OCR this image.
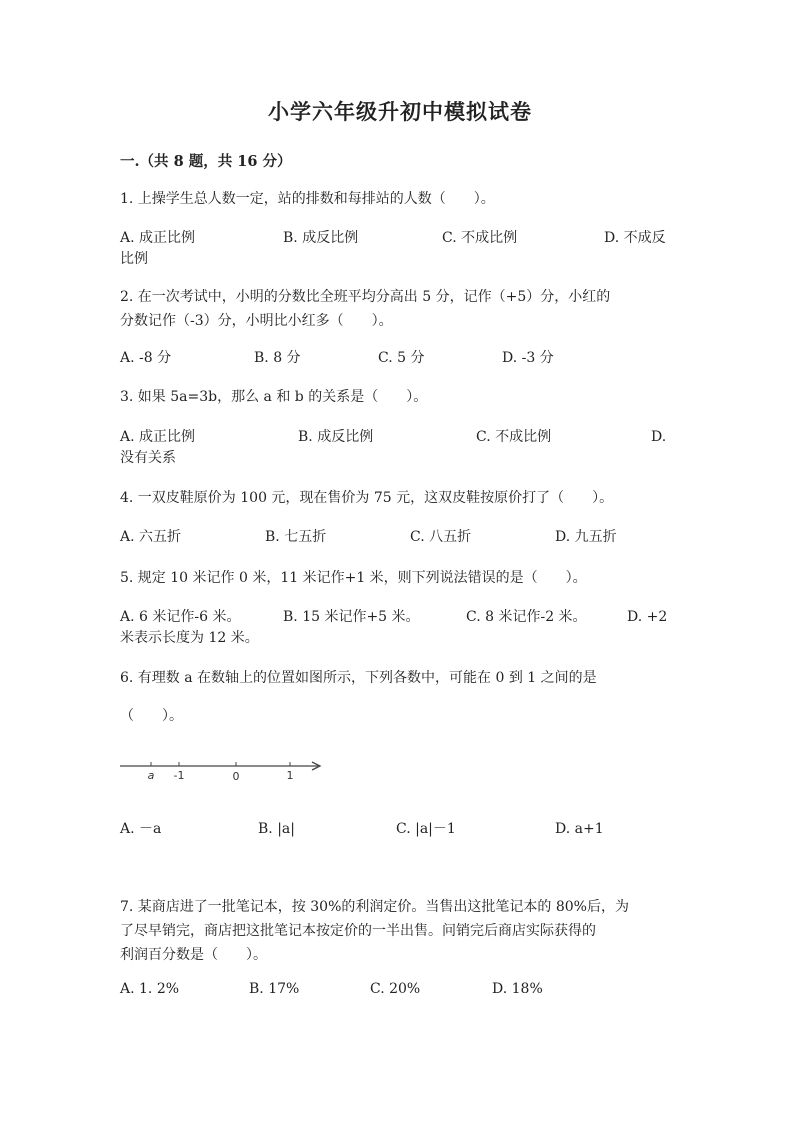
小学六年级升初中模拟试卷
一.（共 8 题，共 16 分）
1. 上操学生总人数一定，站的排数和每排站的人数（　　）。
A. 成正比例	B. 成反比例	C. 不成比例	D. 不成反
比例
2. 在一次考试中，小明的分数比全班平均分高出 5 分，记作（+5）分，小红的
分数记作（-3）分，小明比小红多（　　）。
A. -8 分	B. 8 分	C. 5 分	D. -3 分
3. 如果 5a=3b，那么 a 和 b 的关系是（　　）。
A. 成正比例	B. 成反比例	C. 不成比例	D.
没有关系
4. 一双皮鞋原价为 100 元，现在售价为 75 元，这双皮鞋按原价打了（　　）。
A. 六五折	B. 七五折	C. 八五折	D. 九五折
5. 规定 10 米记作 0 米，11 米记作+1 米，则下列说法错误的是（　　）。
A. 6 米记作-6 米。	B. 15 米记作+5 米。	C. 8 米记作-2 米。	D. +2
米表示长度为 12 米。
6. 有理数 a 在数轴上的位置如图所示，下列各数中，可能在 0 到 1 之间的是
（　　）。
a -1	0	1
A. －a	B. |a|	C. |a|－1	D. a+1
7. 某商店进了一批笔记本，按 30%的利润定价。当售出这批笔记本的 80%后，为
了尽早销完，商店把这批笔记本按定价的一半出售。问销完后商店实际获得的
利润百分数是（　　）。
A. 1. 2%	B. 17%	C. 20%	D. 18%
